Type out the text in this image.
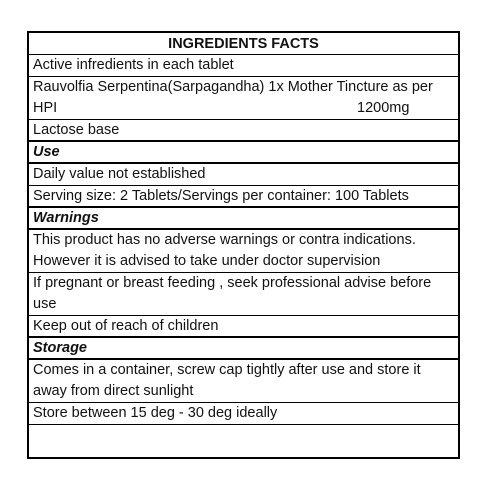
INGREDIENTS FACTS
Active infredients in each tablet
Rauvolfia Serpentina(Sarpagandha) 1x Mother Tincture as per
HPI	1200mg
Lactose base
Use
Daily value not established
Serving size: 2 Tablets/Servings per container: 100 Tablets
Warnings
This product has no adverse warnings or contra indications.
However it is advised to take under doctor supervision
If pregnant or breast feeding , seek professional advise before
use
Keep out of reach of children
Storage
Comes in a container, screw cap tightly after use and store it
away from direct sunlight
Store between 15 deg - 30 deg ideally
